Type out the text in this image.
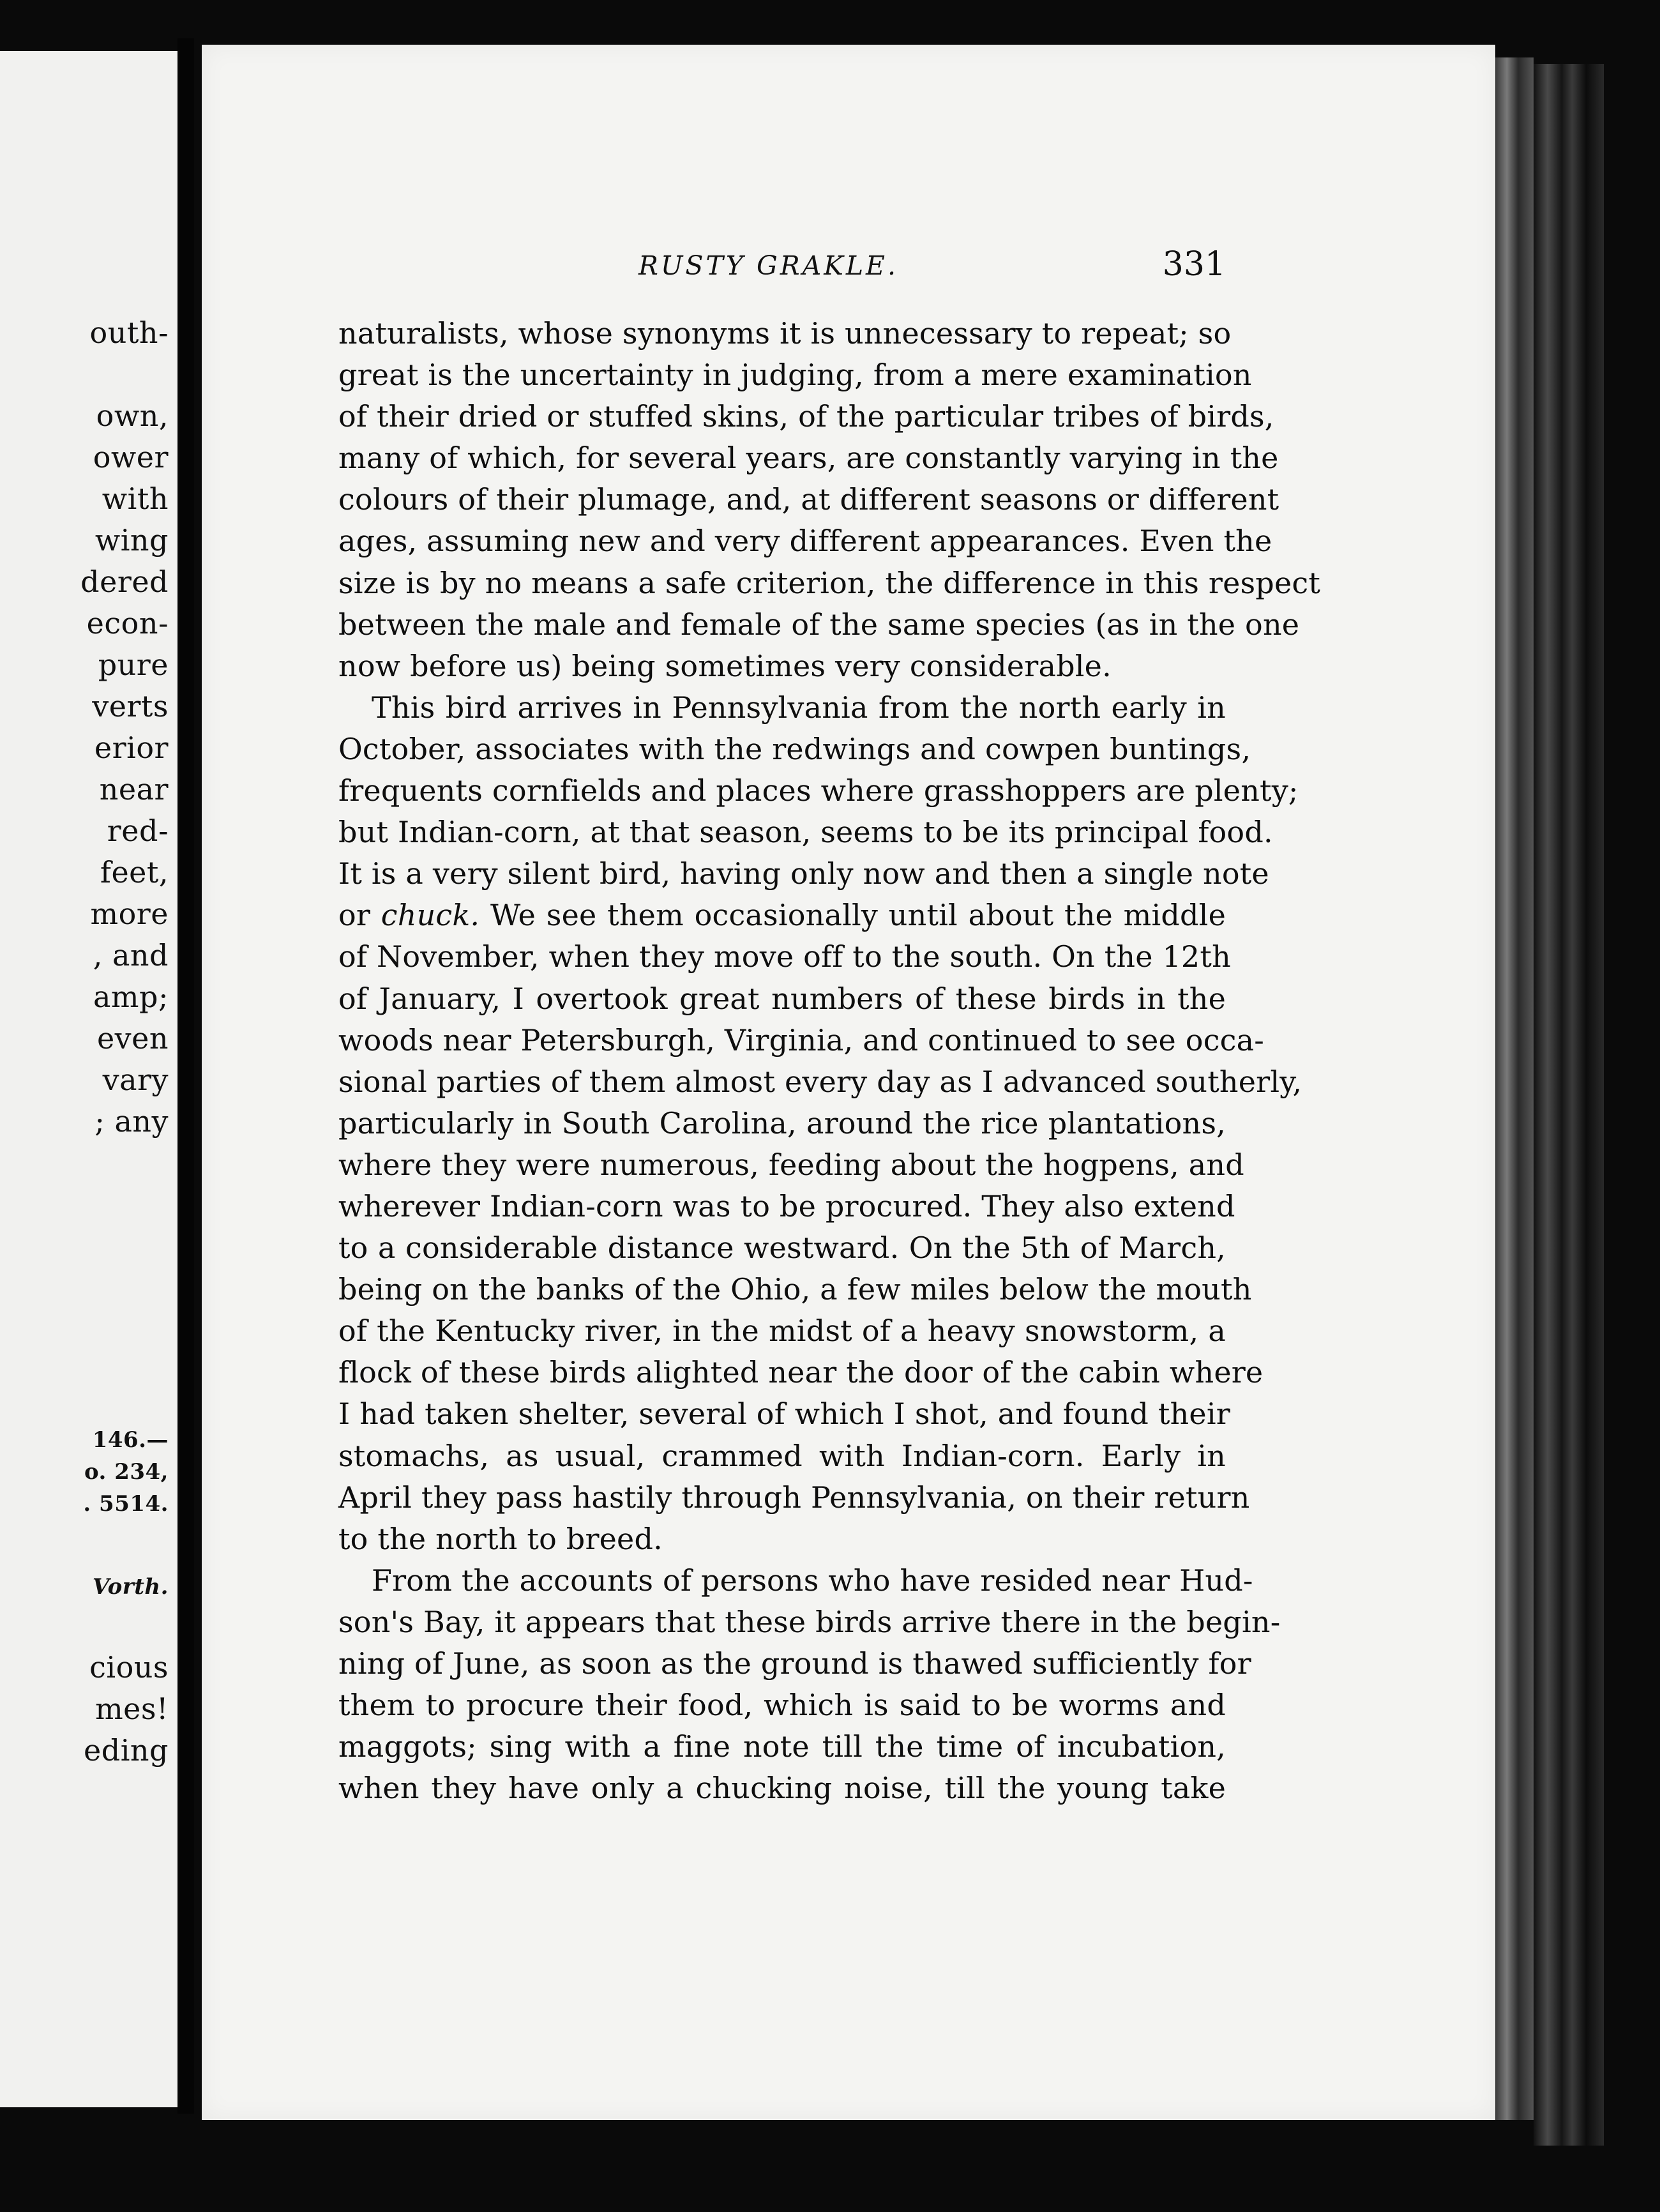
outh-
own,
ower
with
wing
dered
econ-
pure
verts
erior
near
red-
feet,
more
, and
amp;
even
vary
; any
146.—
o. 234,
. 5514.
Vorth.
cious
mes!
eding
RUSTY GRAKLE.	331
naturalists, whose synonyms it is unnecessary to repeat; so
great is the uncertainty in judging, from a mere examination
of their dried or stuffed skins, of the particular tribes of birds,
many of which, for several years, are constantly varying in the
colours of their plumage, and, at different seasons or different
ages, assuming new and very different appearances. Even the
size is by no means a safe criterion, the difference in this respect
between the male and female of the same species (as in the one
now before us) being sometimes very considerable.
This bird arrives in Pennsylvania from the north early in
October, associates with the redwings and cowpen buntings,
frequents cornfields and places where grasshoppers are plenty;
but Indian-corn, at that season, seems to be its principal food.
It is a very silent bird, having only now and then a single note
or chuck. We see them occasionally until about the middle
of November, when they move off to the south. On the 12th
of January, I overtook great numbers of these birds in the
woods near Petersburgh, Virginia, and continued to see occa-
sional parties of them almost every day as I advanced southerly,
particularly in South Carolina, around the rice plantations,
where they were numerous, feeding about the hogpens, and
wherever Indian-corn was to be procured. They also extend
to a considerable distance westward. On the 5th of March,
being on the banks of the Ohio, a few miles below the mouth
of the Kentucky river, in the midst of a heavy snowstorm, a
flock of these birds alighted near the door of the cabin where
I had taken shelter, several of which I shot, and found their
stomachs, as usual, crammed with Indian-corn. Early in
April they pass hastily through Pennsylvania, on their return
to the north to breed.
From the accounts of persons who have resided near Hud-
son's Bay, it appears that these birds arrive there in the begin-
ning of June, as soon as the ground is thawed sufficiently for
them to procure their food, which is said to be worms and
maggots; sing with a fine note till the time of incubation,
when they have only a chucking noise, till the young take
